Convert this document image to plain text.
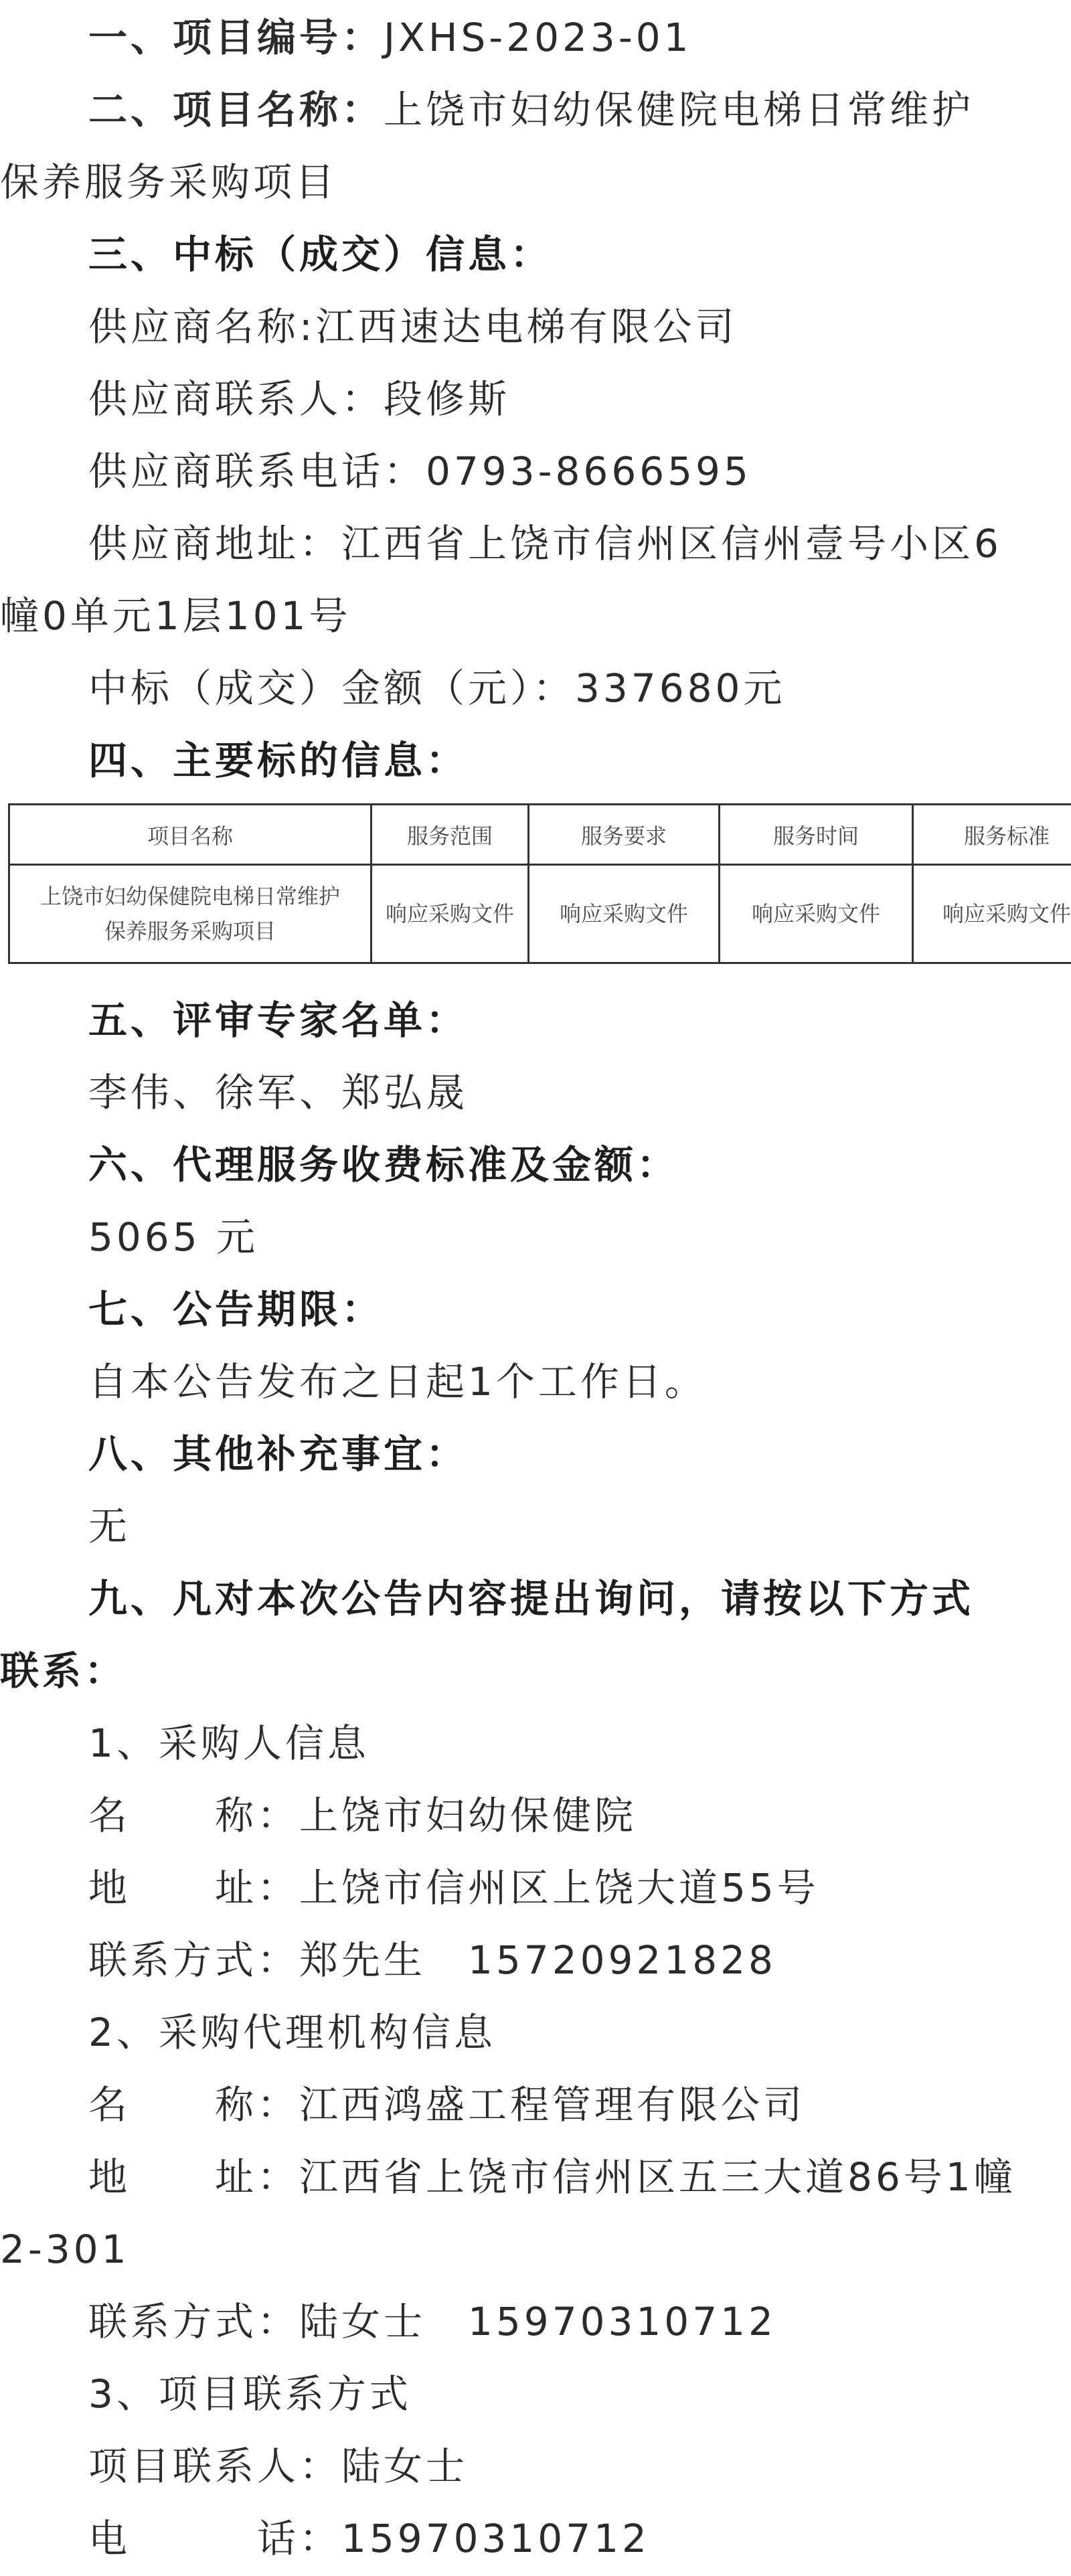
一、项目编号：JXHS-2023-01
二、项目名称：上饶市妇幼保健院电梯日常维护
保养服务采购项目
三、中标（成交）信息：
供应商名称:江西速达电梯有限公司
供应商联系人：段修斯
供应商联系电话：0793-8666595
供应商地址：江西省上饶市信州区信州壹号小区6
幢0单元1层101号
中标（成交）金额（元）：337680元
四、主要标的信息：
项目名称	服务范围	服务要求	服务时间	服务标准

上饶市妇幼保健院电梯日常维护
保养服务采购项目	响应采购文件	响应采购文件	响应采购文件	响应采购文件
五、评审专家名单：
李伟、徐军、郑弘晟
六、代理服务收费标准及金额：
5065 元
七、公告期限：
自本公告发布之日起1个工作日。
八、其他补充事宜：
无
九、凡对本次公告内容提出询问，请按以下方式
联系：
1、采购人信息
名　　称：上饶市妇幼保健院
地　　址：上饶市信州区上饶大道55号
联系方式：郑先生　15720921828
2、采购代理机构信息
名　　称：江西鸿盛工程管理有限公司
地　　址：江西省上饶市信州区五三大道86号1幢
2-301
联系方式：陆女士　15970310712
3、项目联系方式
项目联系人：陆女士
电　　　话：15970310712
